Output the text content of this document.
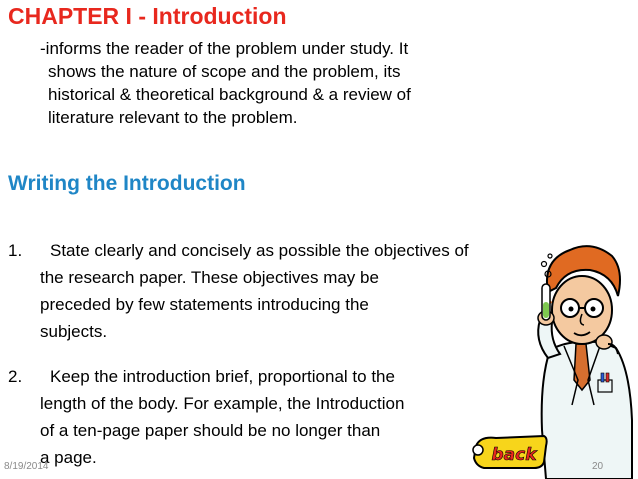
CHAPTER I - Introduction
-informs the reader of the problem under study. It
shows the nature of scope and the problem, its
historical & theoretical background & a review of
literature relevant to the problem.
Writing the Introduction
1.	State clearly and concisely as possible the objectives of
the research paper. These objectives may be
preceded by few statements introducing the
subjects.
2.	Keep the introduction brief, proportional to the
length of the body. For example, the Introduction
of a ten-page paper should be no longer than
a page.	back
8/19/2014	20
